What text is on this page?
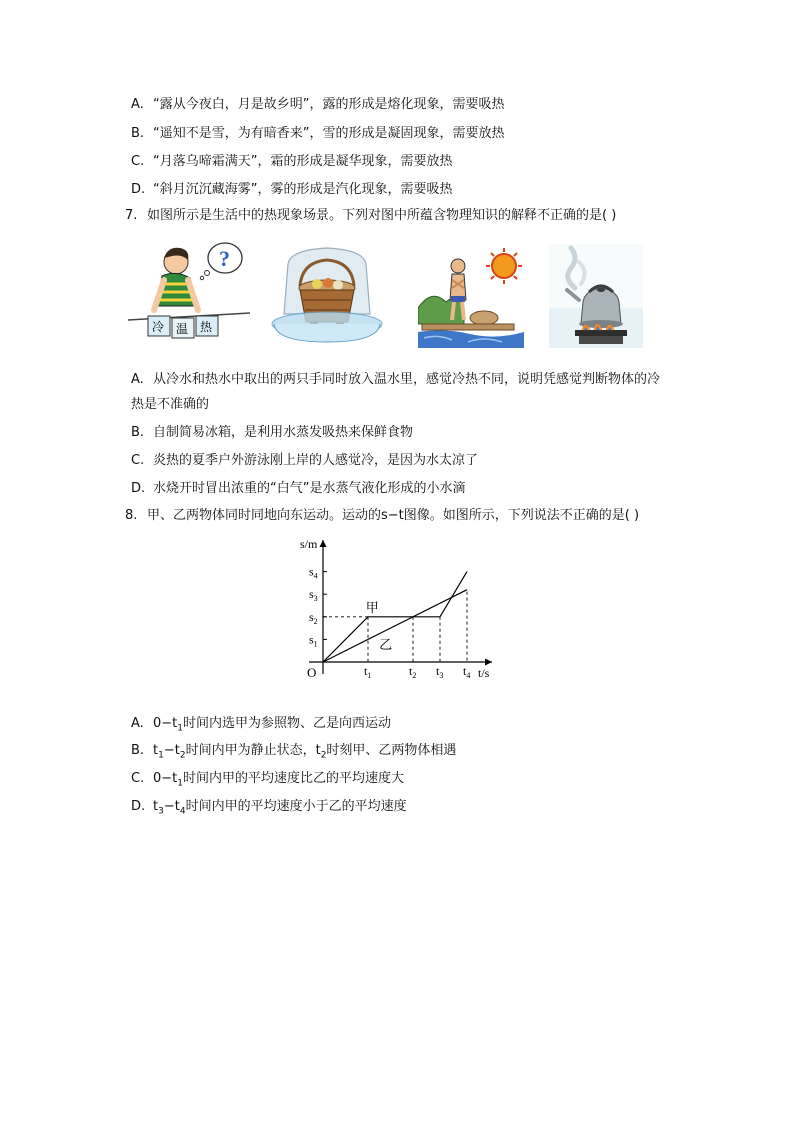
A. “露从今夜白，月是故乡明”，露的形成是熔化现象，需要吸热
B. “遥知不是雪，为有暗香来”，雪的形成是凝固现象，需要放热
C. “月落乌啼霜满天”，霜的形成是凝华现象，需要放热
D. “斜月沉沉藏海雾”，雾的形成是汽化现象，需要吸热
7. 如图所示是生活中的热现象场景。下列对图中所蕴含物理知识的解释不正确的是( )
?
冷 温 热
A. 从冷水和热水中取出的两只手同时放入温水里，感觉冷热不同，说明凭感觉判断物体的冷
热是不准确的
B. 自制简易冰箱，是利用水蒸发吸热来保鲜食物
C. 炎热的夏季户外游泳刚上岸的人感觉冷，是因为水太凉了
D. 水烧开时冒出浓重的“白气”是水蒸气液化形成的小水滴
8. 甲、乙两物体同时同地向东运动。运动的s−t图像。如图所示，下列说法不正确的是( )
s/m
t/s
O
$s_1$
$s_2$
$s_3$
$s_4$
$t_1$	$t_2$ $t_3$ $t_4$
甲
乙
A. $0-t_1$时间内选甲为参照物、乙是向西运动
B. $t_1-t_2$时间内甲为静止状态，$t_2$时刻甲、乙两物体相遇
C. $0-t_1$时间内甲的平均速度比乙的平均速度大
D. $t_3-t_4$时间内甲的平均速度小于乙的平均速度
